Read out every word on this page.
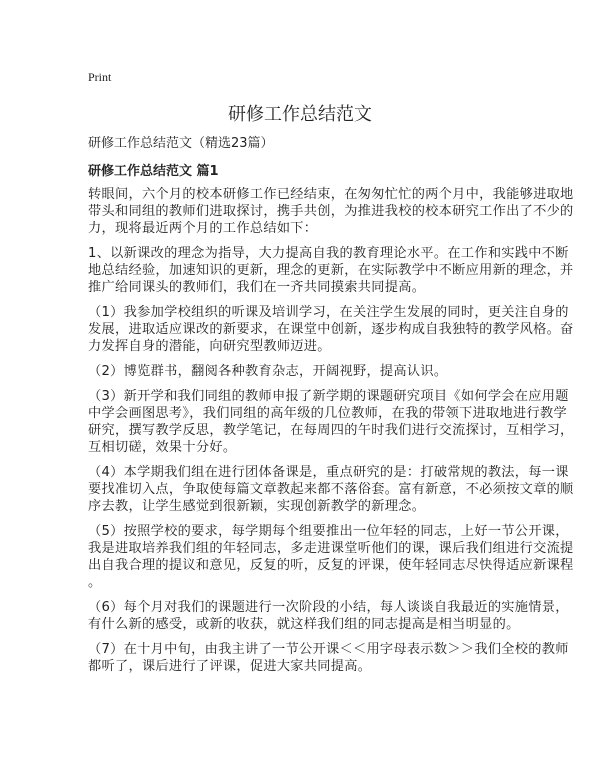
Print
研修工作总结范文
研修工作总结范文（精选23篇）
研修工作总结范文 篇1
转眼间，六个月的校本研修工作已经结束，在匆匆忙忙的两个月中，我能够进取地
带头和同组的教师们进取探讨，携手共创，为推进我校的校本研究工作出了不少的
力，现将最近两个月的工作总结如下：
1、以新课改的理念为指导，大力提高自我的教育理论水平。在工作和实践中不断
地总结经验，加速知识的更新，理念的更新，在实际教学中不断应用新的理念，并
推广给同课头的教师们，我们在一齐共同摸索共同提高。
（1）我参加学校组织的听课及培训学习，在关注学生发展的同时，更关注自身的
发展，进取适应课改的新要求，在课堂中创新，逐步构成自我独特的教学风格。奋
力发挥自身的潜能，向研究型教师迈进。
（2）博览群书，翻阅各种教育杂志，开阔视野，提高认识。
（3）新开学和我们同组的教师申报了新学期的课题研究项目《如何学会在应用题
中学会画图思考》，我们同组的高年级的几位教师，在我的带领下进取地进行教学
研究，撰写教学反思，教学笔记，在每周四的午时我们进行交流探讨，互相学习，
互相切磋，效果十分好。
（4）本学期我们组在进行团体备课是，重点研究的是：打破常规的教法，每一课
要找准切入点，争取使每篇文章教起来都不落俗套。富有新意，不必须按文章的顺
序去教，让学生感觉到很新颖，实现创新教学的新理念。
（5）按照学校的要求，每学期每个组要推出一位年轻的同志，上好一节公开课，
我是进取培养我们组的年轻同志，多走进课堂听他们的课，课后我们组进行交流提
出自我合理的提议和意见，反复的听，反复的评课，使年轻同志尽快得适应新课程
。
（6）每个月对我们的课题进行一次阶段的小结，每人谈谈自我最近的实施情景，
有什么新的感受，或新的收获，就这样我们组的同志提高是相当明显的。
（7）在十月中旬，由我主讲了一节公开课＜＜用字母表示数＞＞我们全校的教师
都听了，课后进行了评课，促进大家共同提高。
